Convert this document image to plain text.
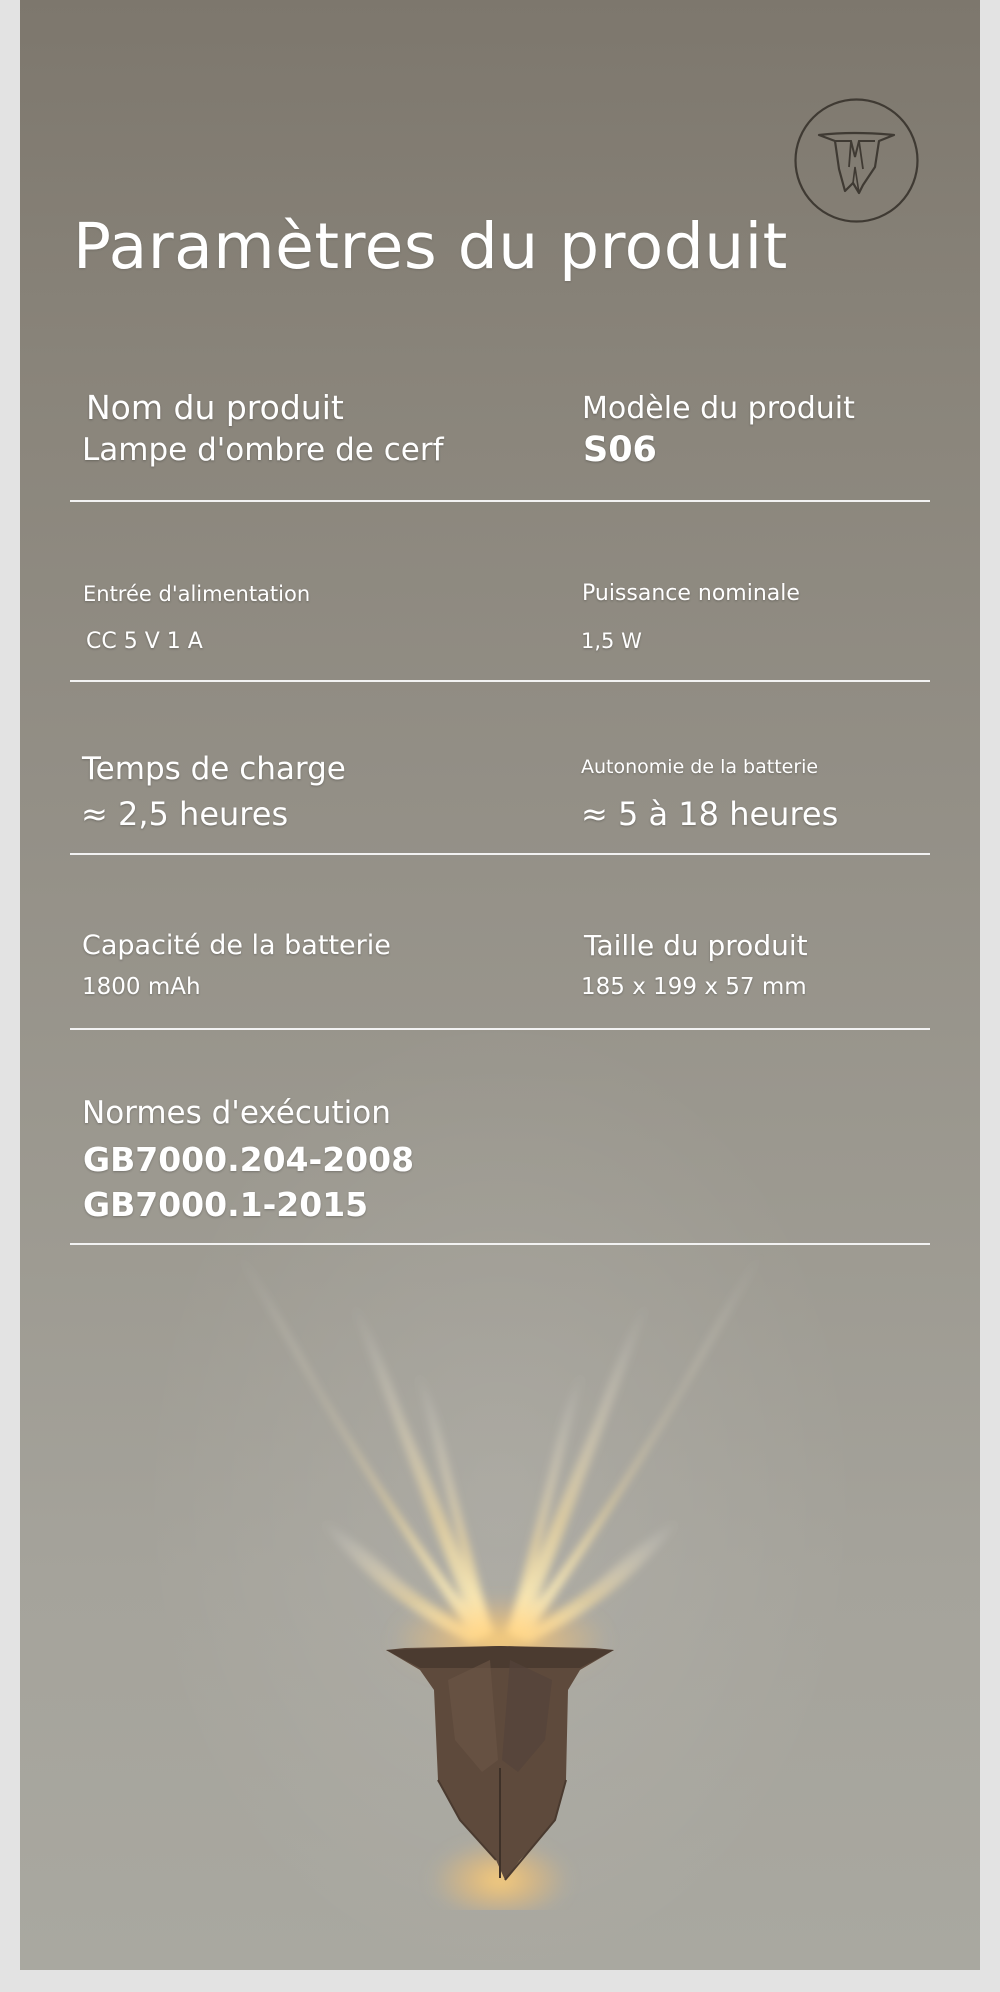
Paramètres du produit

Nom du produit

Lampe d'ombre de cerf

Modèle du produit

S06

Entrée d'alimentation

CC 5 V 1 A

Puissance nominale

1,5 W

Temps de charge

≈ 2,5 heures

Autonomie de la batterie

≈ 5 à 18 heures

Capacité de la batterie

1800 mAh

Taille du produit

185 x 199 x 57 mm

Normes d'exécution

GB7000.204-2008

GB7000.1-2015
